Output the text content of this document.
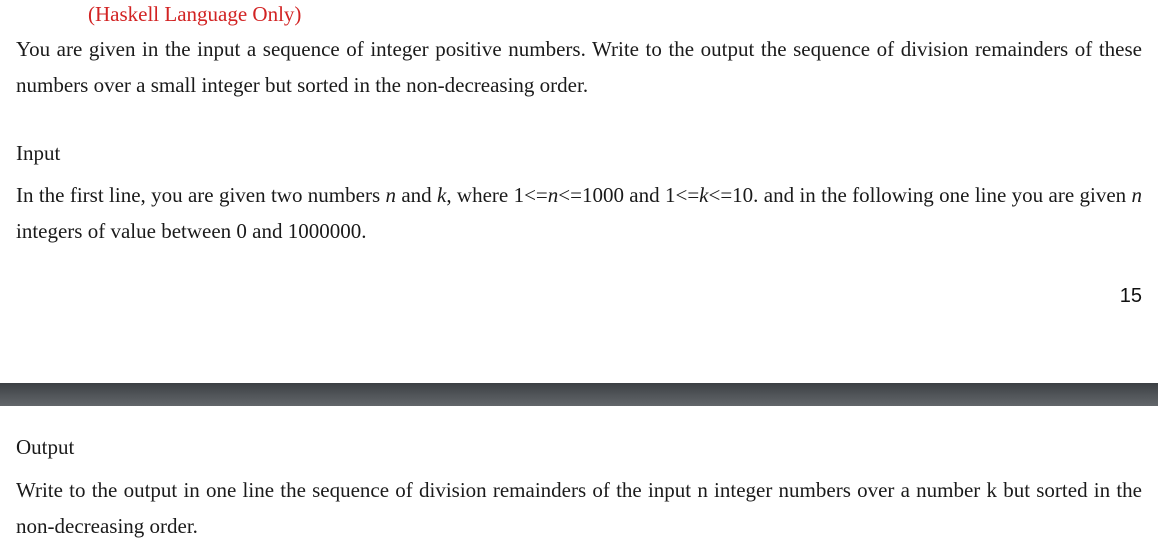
(Haskell Language Only)

You are given in the input a sequence of integer positive numbers. Write to the output the sequence of division remainders of these numbers over a small integer but sorted in the non-decreasing order.

Input

In the first line, you are given two numbers n and k, where 1<=n<=1000 and 1<=k<=10. and in the following one line you are given n integers of value between 0 and 1000000.

15
Output

Write to the output in one line the sequence of division remainders of the input n integer numbers over a number k but sorted in the non-decreasing order.
